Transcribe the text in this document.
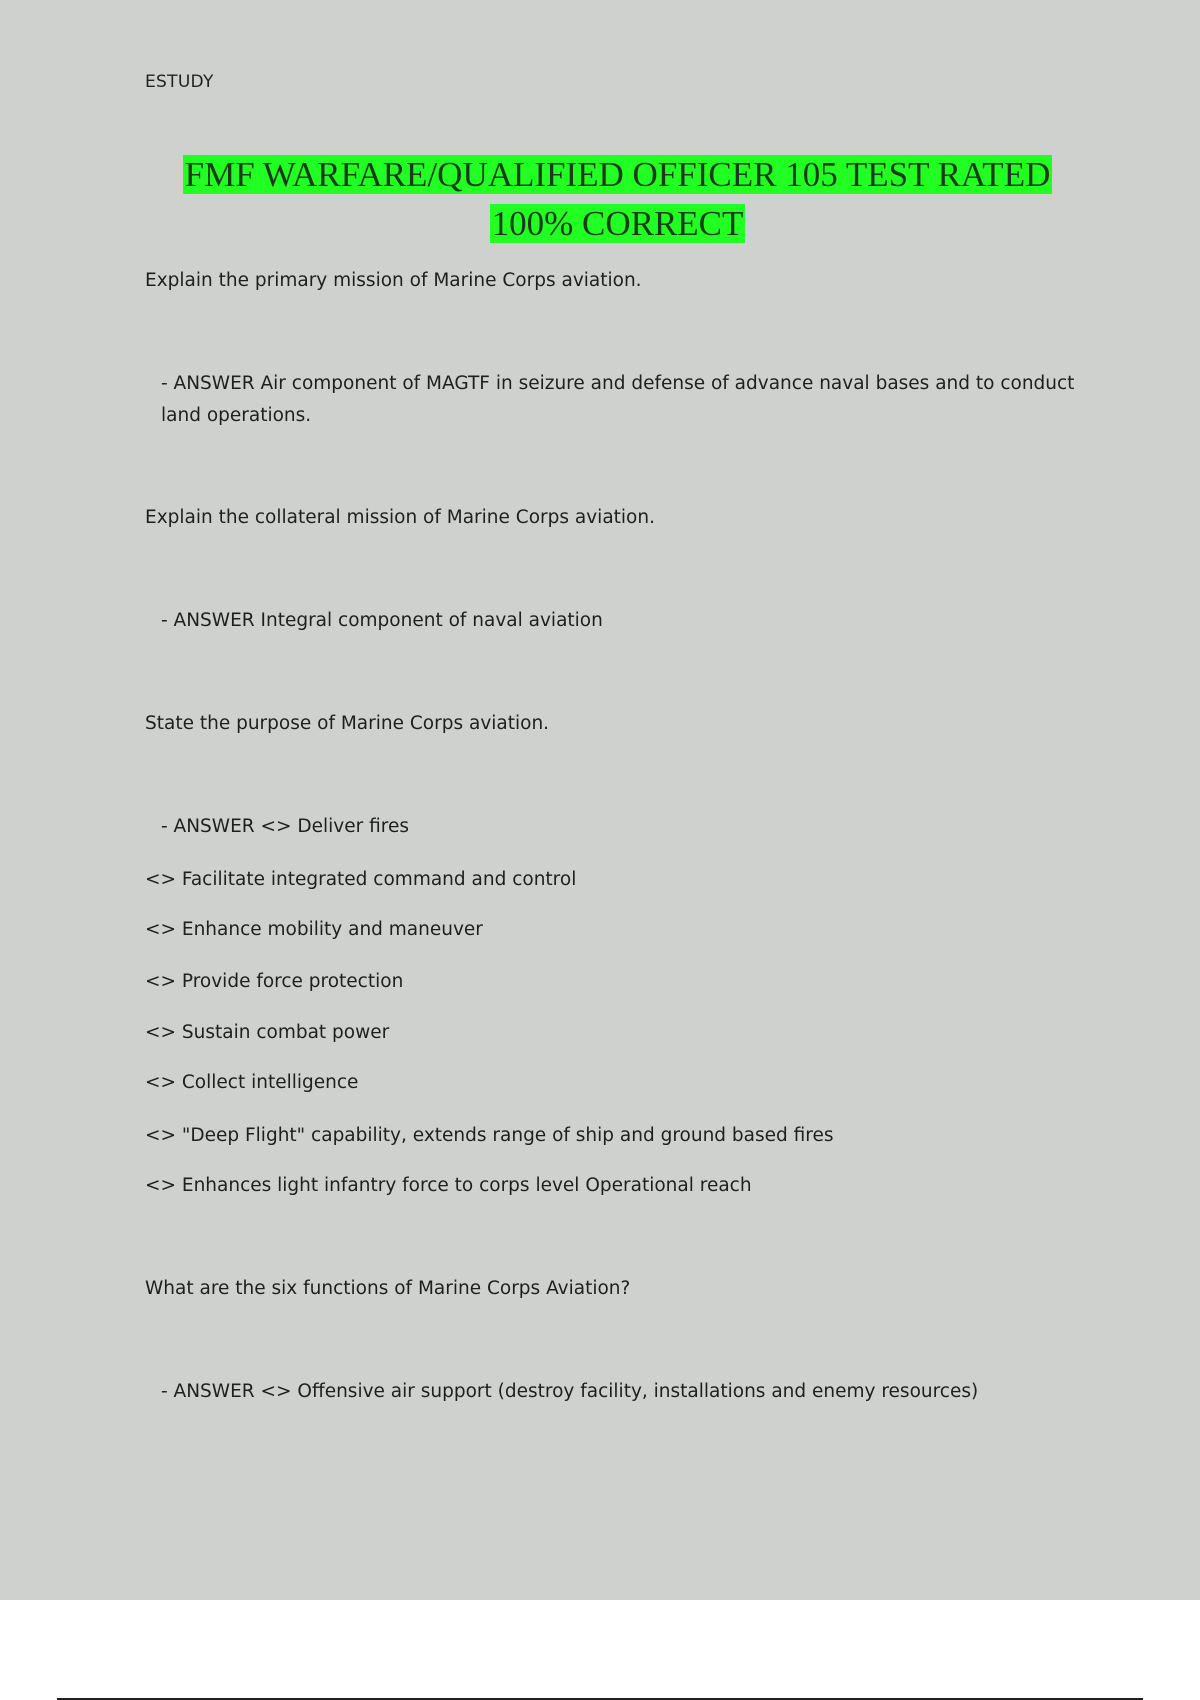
ESTUDY
FMF WARFARE/QUALIFIED OFFICER 105 TEST RATED
100% CORRECT
Explain the primary mission of Marine Corps aviation.
- ANSWER Air component of MAGTF in seizure and defense of advance naval bases and to conduct land operations.
Explain the collateral mission of Marine Corps aviation.
- ANSWER Integral component of naval aviation
State the purpose of Marine Corps aviation.
- ANSWER <> Deliver fires
<> Facilitate integrated command and control
<> Enhance mobility and maneuver
<> Provide force protection
<> Sustain combat power
<> Collect intelligence
<> "Deep Flight" capability, extends range of ship and ground based fires
<> Enhances light infantry force to corps level Operational reach
What are the six functions of Marine Corps Aviation?
- ANSWER <> Offensive air support (destroy facility, installations and enemy resources)
